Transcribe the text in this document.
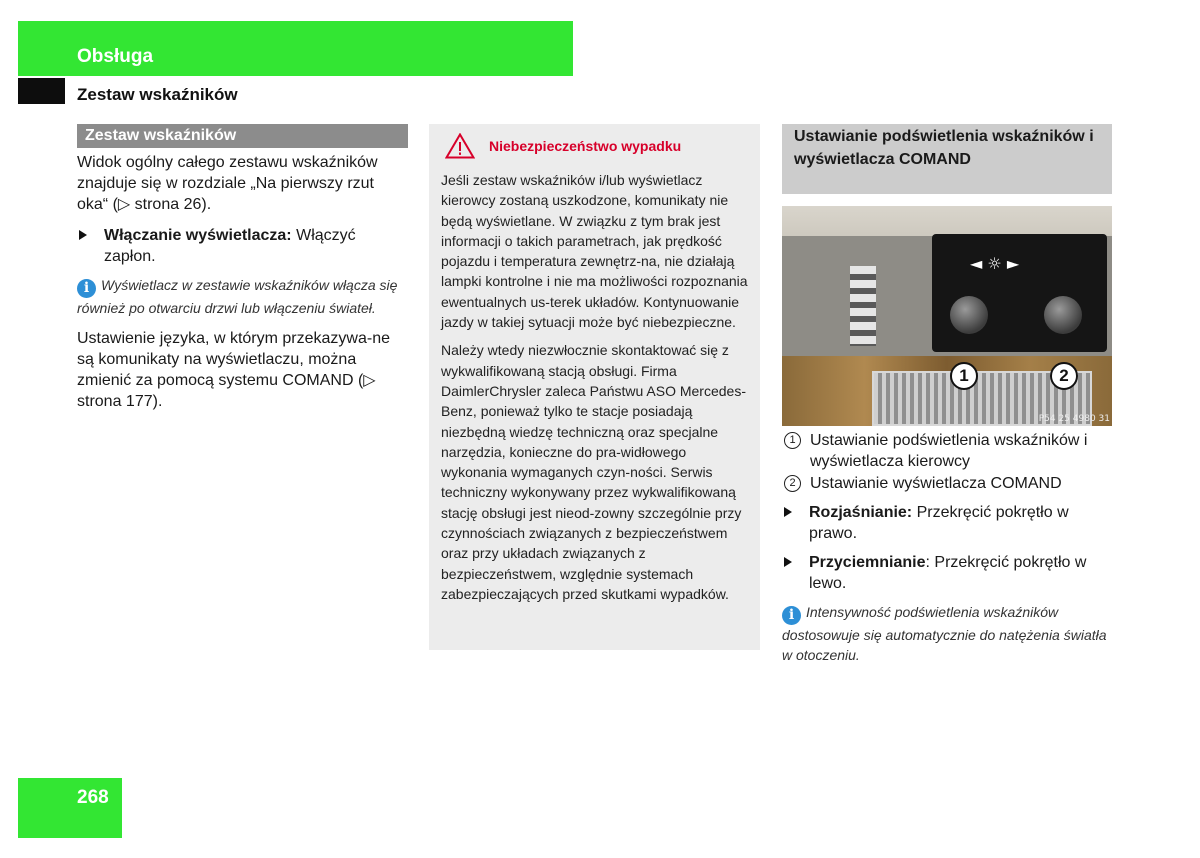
Obsługa
Zestaw wskaźników
Zestaw wskaźników
Widok ogólny całego zestawu wskaźników znajduje się w rozdziale „Na pierwszy rzut oka“ (▷ strona 26).
Włączanie wyświetlacza: Włączyć zapłon.
i Wyświetlacz w zestawie wskaźników włącza się również po otwarciu drzwi lub włączeniu świateł.
Ustawienie języka, w którym przekazywa-ne są komunikaty na wyświetlaczu, można zmienić za pomocą systemu COMAND (▷ strona 177).
Niebezpieczeństwo wypadku
Jeśli zestaw wskaźników i/lub wyświetlacz kierowcy zostaną uszkodzone, komunikaty nie będą wyświetlane. W związku z tym brak jest informacji o takich parametrach, jak prędkość pojazdu i temperatura zewnętrz-na, nie działają lampki kontrolne i nie ma możliwości rozpoznania ewentualnych us-terek układów. Kontynuowanie jazdy w takiej sytuacji może być niebezpieczne.
Należy wtedy niezwłocznie skontaktować się z wykwalifikowaną stacją obsługi. Firma DaimlerChrysler zaleca Państwu ASO Mercedes-Benz, ponieważ tylko te stacje posiadają niezbędną wiedzę techniczną oraz specjalne narzędzia, konieczne do pra-widłowego wykonania wymaganych czyn-ności. Serwis techniczny wykonywany przez wykwalifikowaną stację obsługi jest nieod-zowny szczególnie przy czynnościach związanych z bezpieczeństwem oraz przy układach związanych z bezpieczeństwem, względnie systemach zabezpieczających przed skutkami wypadków.
Ustawianie podświetlenia wskaźników i wyświetlacza COMAND
◄ ☼ ►
1	2
P54 25 4980 31
1 Ustawianie podświetlenia wskaźników i wyświetlacza kierowcy
2 Ustawianie wyświetlacza COMAND
Rozjaśnianie: Przekręcić pokrętło w prawo.
Przyciemnianie: Przekręcić pokrętło w lewo.
i Intensywność podświetlenia wskaźników dostosowuje się automatycznie do natężenia światła w otoczeniu.
268
